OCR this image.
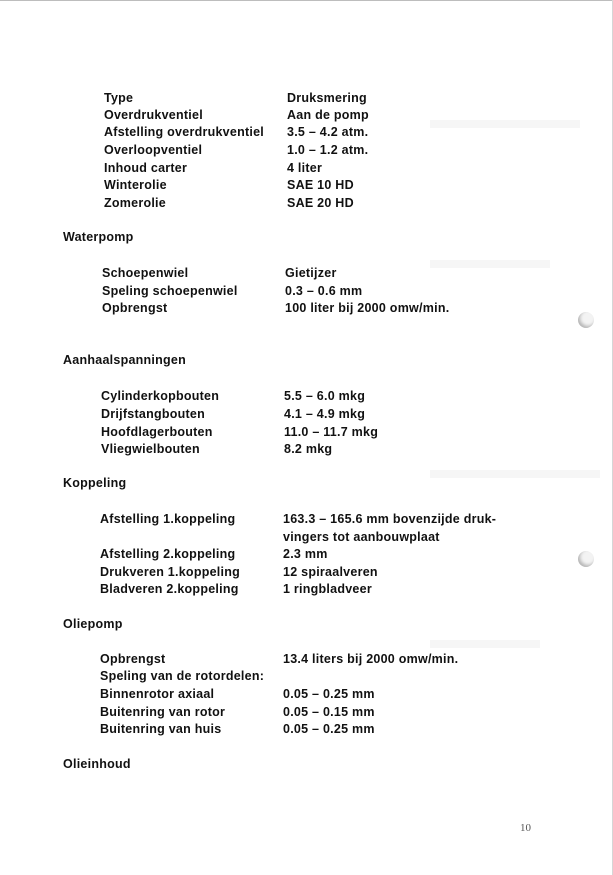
Type	Druksmering
Overdrukventiel	Aan de pomp
Afstelling overdrukventiel 3.5 – 4.2 atm.
Overloopventiel	1.0 – 1.2 atm.
Inhoud carter	4 liter
Winterolie	SAE 10 HD
Zomerolie	SAE 20 HD
Waterpomp
Schoepenwiel	Gietijzer
Speling schoepenwiel	0.3 – 0.6 mm
Opbrengst	100 liter bij 2000 omw/min.
Aanhaalspanningen
Cylinderkopbouten	5.5 – 6.0 mkg
Drijfstangbouten	4.1 – 4.9 mkg
Hoofdlagerbouten	11.0 – 11.7 mkg
Vliegwielbouten	8.2 mkg
Koppeling
Afstelling 1.koppeling	163.3 – 165.6 mm bovenzijde druk-
vingers tot aanbouwplaat
Afstelling 2.koppeling	2.3 mm
Drukveren 1.koppeling	12 spiraalveren
Bladveren 2.koppeling	1 ringbladveer
Oliepomp
Opbrengst	13.4 liters bij 2000 omw/min.
Speling van de rotordelen:
Binnenrotor axiaal	0.05 – 0.25 mm
Buitenring van rotor	0.05 – 0.15 mm
Buitenring van huis	0.05 – 0.25 mm
Olieinhoud
10
